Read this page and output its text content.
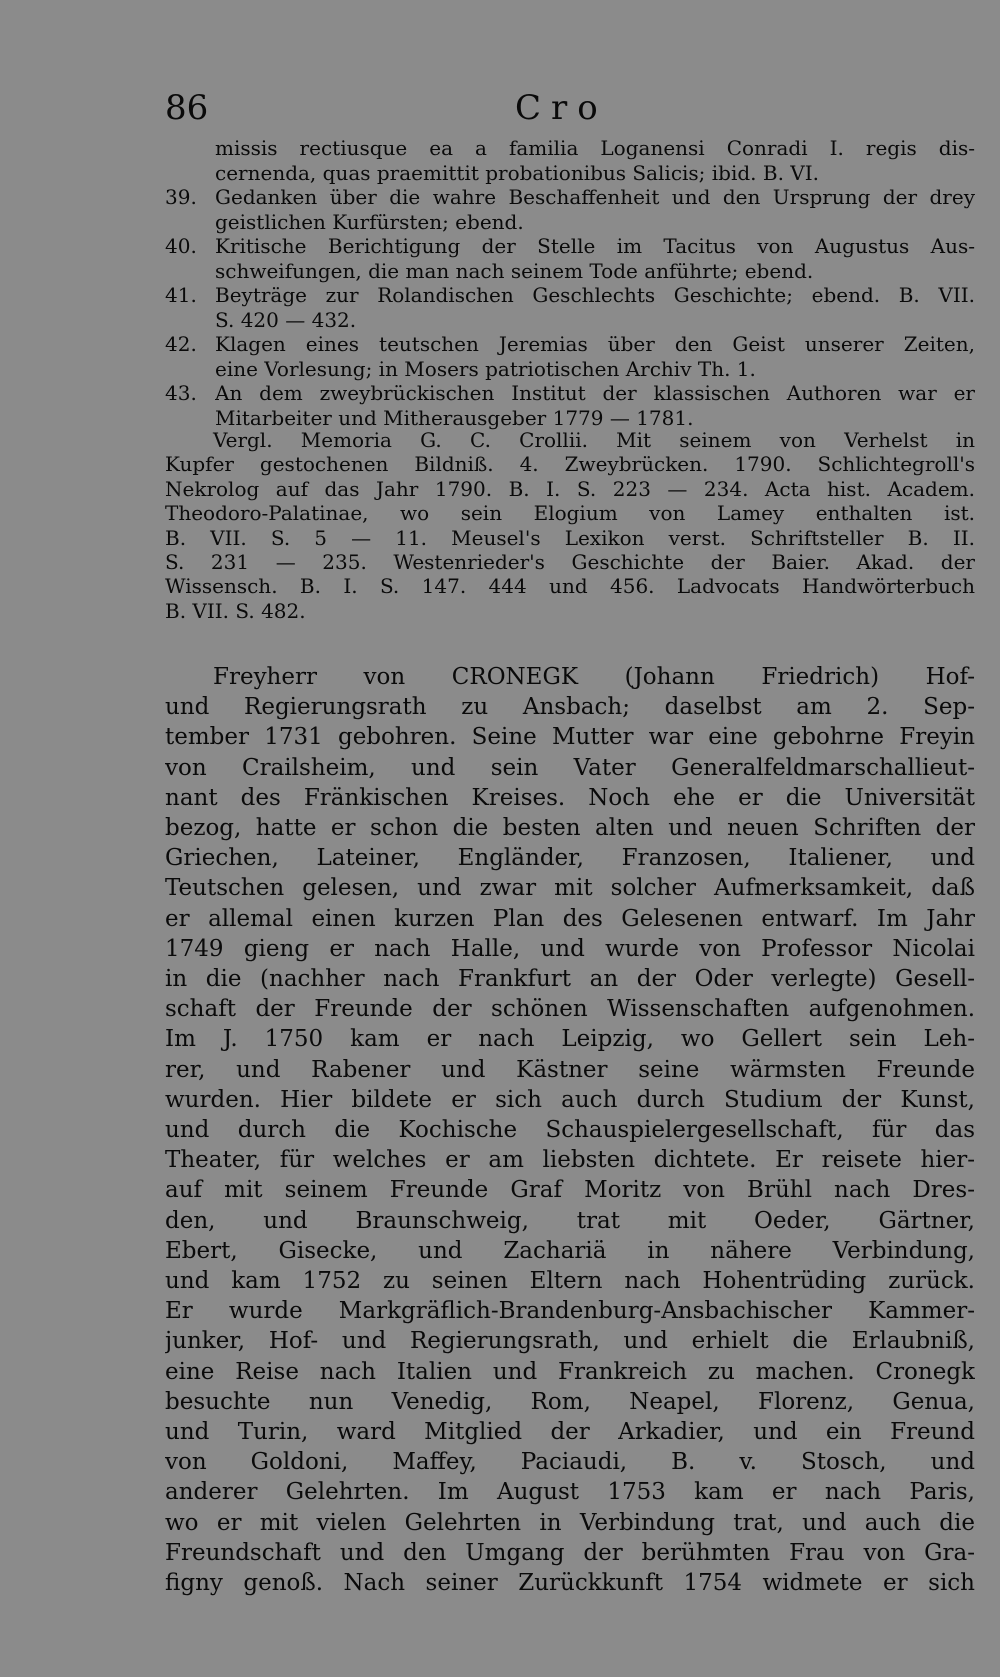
86	Cro
missis rectiusque ea a familia Loganensi Conradi I. regis dis-
cernenda, quas praemittit probationibus Salicis; ibid. B. VI.
39. Gedanken über die wahre Beschaffenheit und den Ursprung der drey
geistlichen Kurfürsten; ebend.
40. Kritische Berichtigung der Stelle im Tacitus von Augustus Aus-
schweifungen, die man nach seinem Tode anführte; ebend.
41. Beyträge zur Rolandischen Geschlechts Geschichte; ebend. B. VII.
S. 420 — 432.
42. Klagen eines teutschen Jeremias über den Geist unserer Zeiten,
eine Vorlesung; in Mosers patriotischen Archiv Th. 1.
43. An dem zweybrückischen Institut der klassischen Authoren war er
Mitarbeiter und Mitherausgeber 1779 — 1781.
Vergl. Memoria G. C. Crollii. Mit seinem von Verhelst in
Kupfer gestochenen Bildniß. 4. Zweybrücken. 1790. Schlichtegroll's
Nekrolog auf das Jahr 1790. B. I. S. 223 — 234. Acta hist. Academ.
Theodoro-Palatinae, wo sein Elogium von Lamey enthalten ist.
B. VII. S. 5 — 11. Meusel's Lexikon verst. Schriftsteller B. II.
S. 231 — 235. Westenrieder's Geschichte der Baier. Akad. der
Wissensch. B. I. S. 147. 444 und 456. Ladvocats Handwörterbuch
B. VII. S. 482.
Freyherr von CRONEGK (Johann Friedrich) Hof-
und Regierungsrath zu Ansbach; daselbst am 2. Sep-
tember 1731 gebohren. Seine Mutter war eine gebohrne Freyin
von Crailsheim, und sein Vater Generalfeldmarschallieut-
nant des Fränkischen Kreises. Noch ehe er die Universität
bezog, hatte er schon die besten alten und neuen Schriften der
Griechen, Lateiner, Engländer, Franzosen, Italiener, und
Teutschen gelesen, und zwar mit solcher Aufmerksamkeit, daß
er allemal einen kurzen Plan des Gelesenen entwarf. Im Jahr
1749 gieng er nach Halle, und wurde von Professor Nicolai
in die (nachher nach Frankfurt an der Oder verlegte) Gesell-
schaft der Freunde der schönen Wissenschaften aufgenohmen.
Im J. 1750 kam er nach Leipzig, wo Gellert sein Leh-
rer, und Rabener und Kästner seine wärmsten Freunde
wurden. Hier bildete er sich auch durch Studium der Kunst,
und durch die Kochische Schauspielergesellschaft, für das
Theater, für welches er am liebsten dichtete. Er reisete hier-
auf mit seinem Freunde Graf Moritz von Brühl nach Dres-
den, und Braunschweig, trat mit Oeder, Gärtner,
Ebert, Gisecke, und Zachariä in nähere Verbindung,
und kam 1752 zu seinen Eltern nach Hohentrüding zurück.
Er wurde Markgräflich-Brandenburg-Ansbachischer Kammer-
junker, Hof- und Regierungsrath, und erhielt die Erlaubniß,
eine Reise nach Italien und Frankreich zu machen. Cronegk
besuchte nun Venedig, Rom, Neapel, Florenz, Genua,
und Turin, ward Mitglied der Arkadier, und ein Freund
von Goldoni, Maffey, Paciaudi, B. v. Stosch, und
anderer Gelehrten. Im August 1753 kam er nach Paris,
wo er mit vielen Gelehrten in Verbindung trat, und auch die
Freundschaft und den Umgang der berühmten Frau von Gra-
figny genoß. Nach seiner Zurückkunft 1754 widmete er sich
